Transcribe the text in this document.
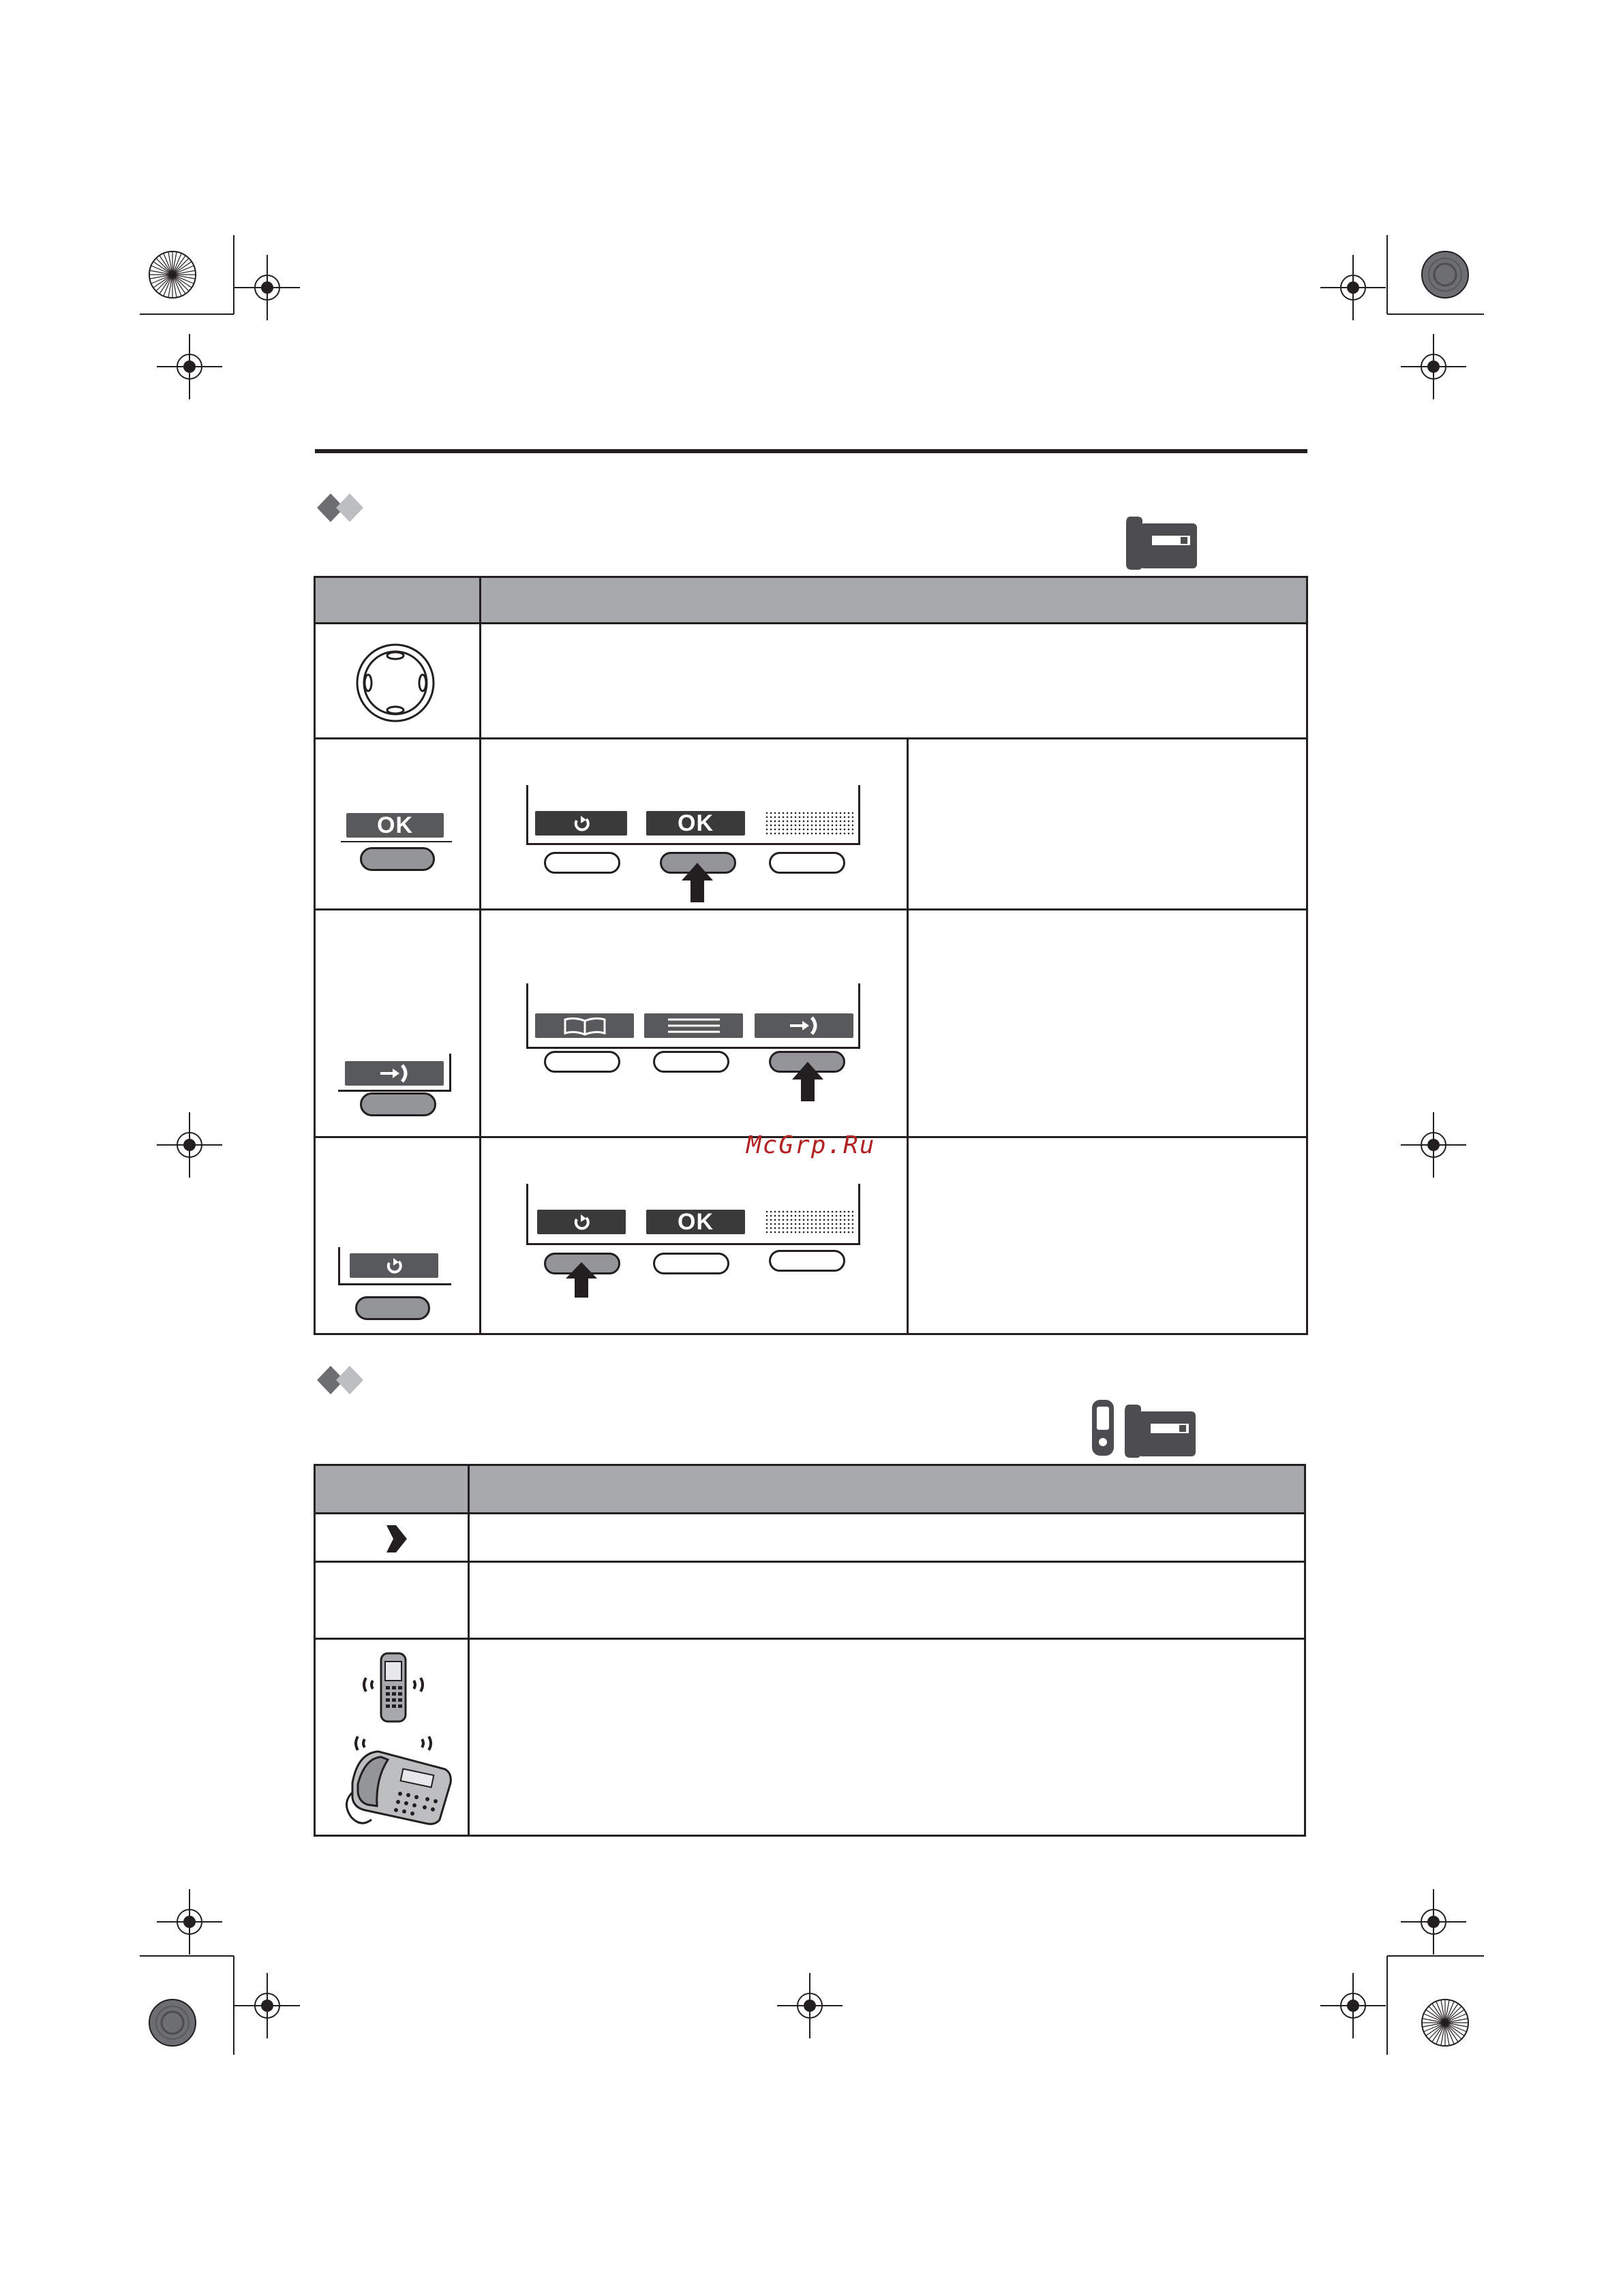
OK	OK
McGrp.Ru
OK
